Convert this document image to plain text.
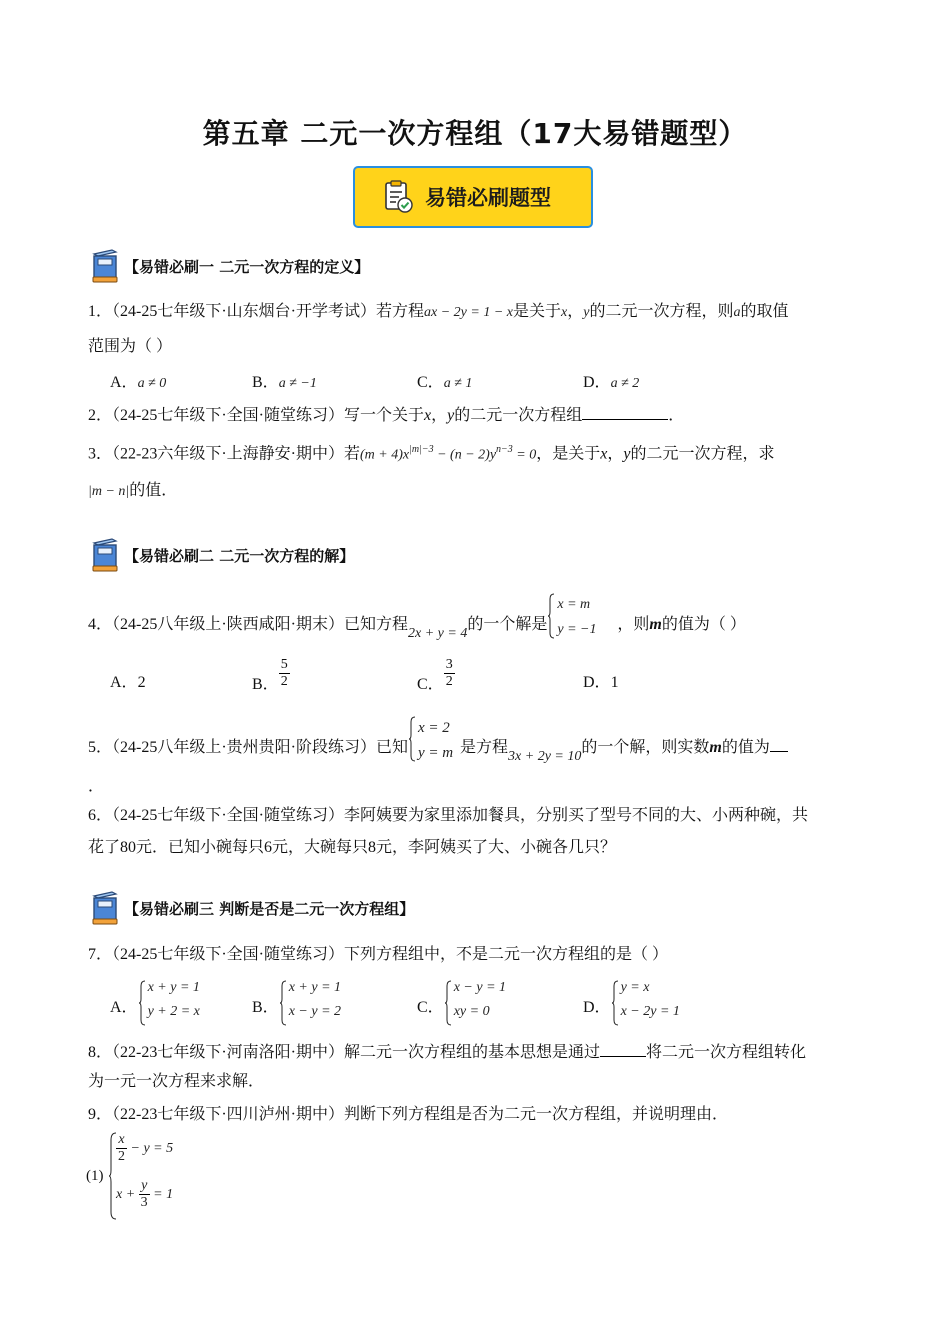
第五章 二元一次方程组（17大易错题型）
易错必刷题型
【易错必刷一 二元一次方程的定义】
1．（24-25七年级下·山东烟台·开学考试）若方程ax − 2y = 1 − x是关于x，y的二元一次方程，则a的取值
范围为（ ）
A．a ≠ 0	B．a ≠ −1	C．a ≠ 1	D．a ≠ 2
2．（24-25七年级下·全国·随堂练习）写一个关于x，y的二元一次方程组	．
3．（22-23六年级下·上海静安·期中）若$(m + 4)x^{|m|-3} - (n - 2)y^{n-3} = 0$，是关于x，y的二元一次方程，求
|m − n|的值．
【易错必刷二 二元一次方程的解】
4．（24-25八年级上·陕西咸阳·期末）已知方程2x + y = 4的一个解是
x = m
y = −1 ，则m的值为（ ）
A．2	B． $\frac{5}{2}$	C． $\frac{3}{2}$	D．1
5．（24-25八年级上·贵州贵阳·阶段练习）已知
x = 2
y = m 是方程3x + 2y = 10的一个解，则实数m的值为
．
6．（24-25七年级下·全国·随堂练习）李阿姨要为家里添加餐具，分别买了型号不同的大、小两种碗，共
花了80元．已知小碗每只6元，大碗每只8元，李阿姨买了大、小碗各几只？
【易错必刷三 判断是否是二元一次方程组】
7．（24-25七年级下·全国·随堂练习）下列方程组中，不是二元一次方程组的是（ ）
A．
x + y = 1
y + 2 = x	B．
x + y = 1
x − y = 2	C．
x − y = 1
xy = 0	D．
y = x
x − 2y = 1
8．（22-23七年级下·河南洛阳·期中）解二元一次方程组的基本思想是通过	将二元一次方程组转化
为一元一次方程来求解．
9．（22-23七年级下·四川泸州·期中）判断下列方程组是否为二元一次方程组，并说明理由．
(1)
$\frac{x}{2} - y = 5$
$x + \frac{y}{3} = 1$
